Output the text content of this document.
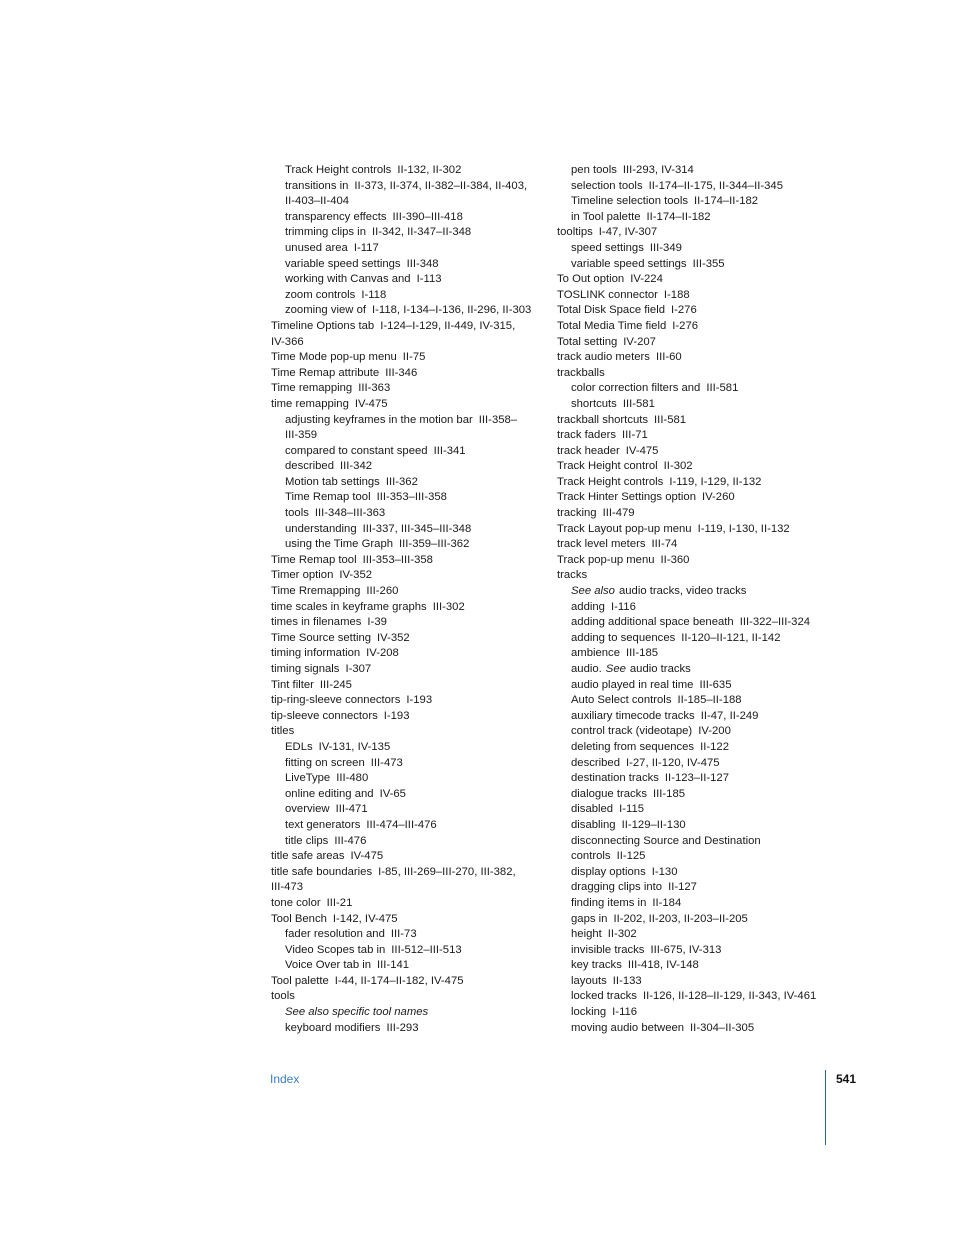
Track Height controls II-132, II-302
transitions in II-373, II-374, II-382–II-384, II-403,
II-403–II-404
transparency effects III-390–III-418
trimming clips in II-342, II-347–II-348
unused area I-117
variable speed settings III-348
working with Canvas and I-113
zoom controls I-118
zooming view of I-118, I-134–I-136, II-296, II-303
Timeline Options tab I-124–I-129, II-449, IV-315,
IV-366
Time Mode pop-up menu II-75
Time Remap attribute III-346
Time remapping III-363
time remapping IV-475
adjusting keyframes in the motion bar III-358–
III-359
compared to constant speed III-341
described III-342
Motion tab settings III-362
Time Remap tool III-353–III-358
tools III-348–III-363
understanding III-337, III-345–III-348
using the Time Graph III-359–III-362
Time Remap tool III-353–III-358
Timer option IV-352
Time Rremapping III-260
time scales in keyframe graphs III-302
times in filenames I-39
Time Source setting IV-352
timing information IV-208
timing signals I-307
Tint filter III-245
tip-ring-sleeve connectors I-193
tip-sleeve connectors I-193
titles
EDLs IV-131, IV-135
fitting on screen III-473
LiveType III-480
online editing and IV-65
overview III-471
text generators III-474–III-476
title clips III-476
title safe areas IV-475
title safe boundaries I-85, III-269–III-270, III-382,
III-473
tone color III-21
Tool Bench I-142, IV-475
fader resolution and III-73
Video Scopes tab in III-512–III-513
Voice Over tab in III-141
Tool palette I-44, II-174–II-182, IV-475
tools
See also specific tool names
keyboard modifiers III-293
pen tools III-293, IV-314
selection tools II-174–II-175, II-344–II-345
Timeline selection tools II-174–II-182
in Tool palette II-174–II-182
tooltips I-47, IV-307
speed settings III-349
variable speed settings III-355
To Out option IV-224
TOSLINK connector I-188
Total Disk Space field I-276
Total Media Time field I-276
Total setting IV-207
track audio meters III-60
trackballs
color correction filters and III-581
shortcuts III-581
trackball shortcuts III-581
track faders III-71
track header IV-475
Track Height control II-302
Track Height controls I-119, I-129, II-132
Track Hinter Settings option IV-260
tracking III-479
Track Layout pop-up menu I-119, I-130, II-132
track level meters III-74
Track pop-up menu II-360
tracks
See also audio tracks, video tracks
adding I-116
adding additional space beneath III-322–III-324
adding to sequences II-120–II-121, II-142
ambience III-185
audio. See audio tracks
audio played in real time III-635
Auto Select controls II-185–II-188
auxiliary timecode tracks II-47, II-249
control track (videotape) IV-200
deleting from sequences II-122
described I-27, II-120, IV-475
destination tracks II-123–II-127
dialogue tracks III-185
disabled I-115
disabling II-129–II-130
disconnecting Source and Destination
controls II-125
display options I-130
dragging clips into II-127
finding items in II-184
gaps in II-202, II-203, II-203–II-205
height II-302
invisible tracks III-675, IV-313
key tracks III-418, IV-148
layouts II-133
locked tracks II-126, II-128–II-129, II-343, IV-461
locking I-116
moving audio between II-304–II-305
Index	541
